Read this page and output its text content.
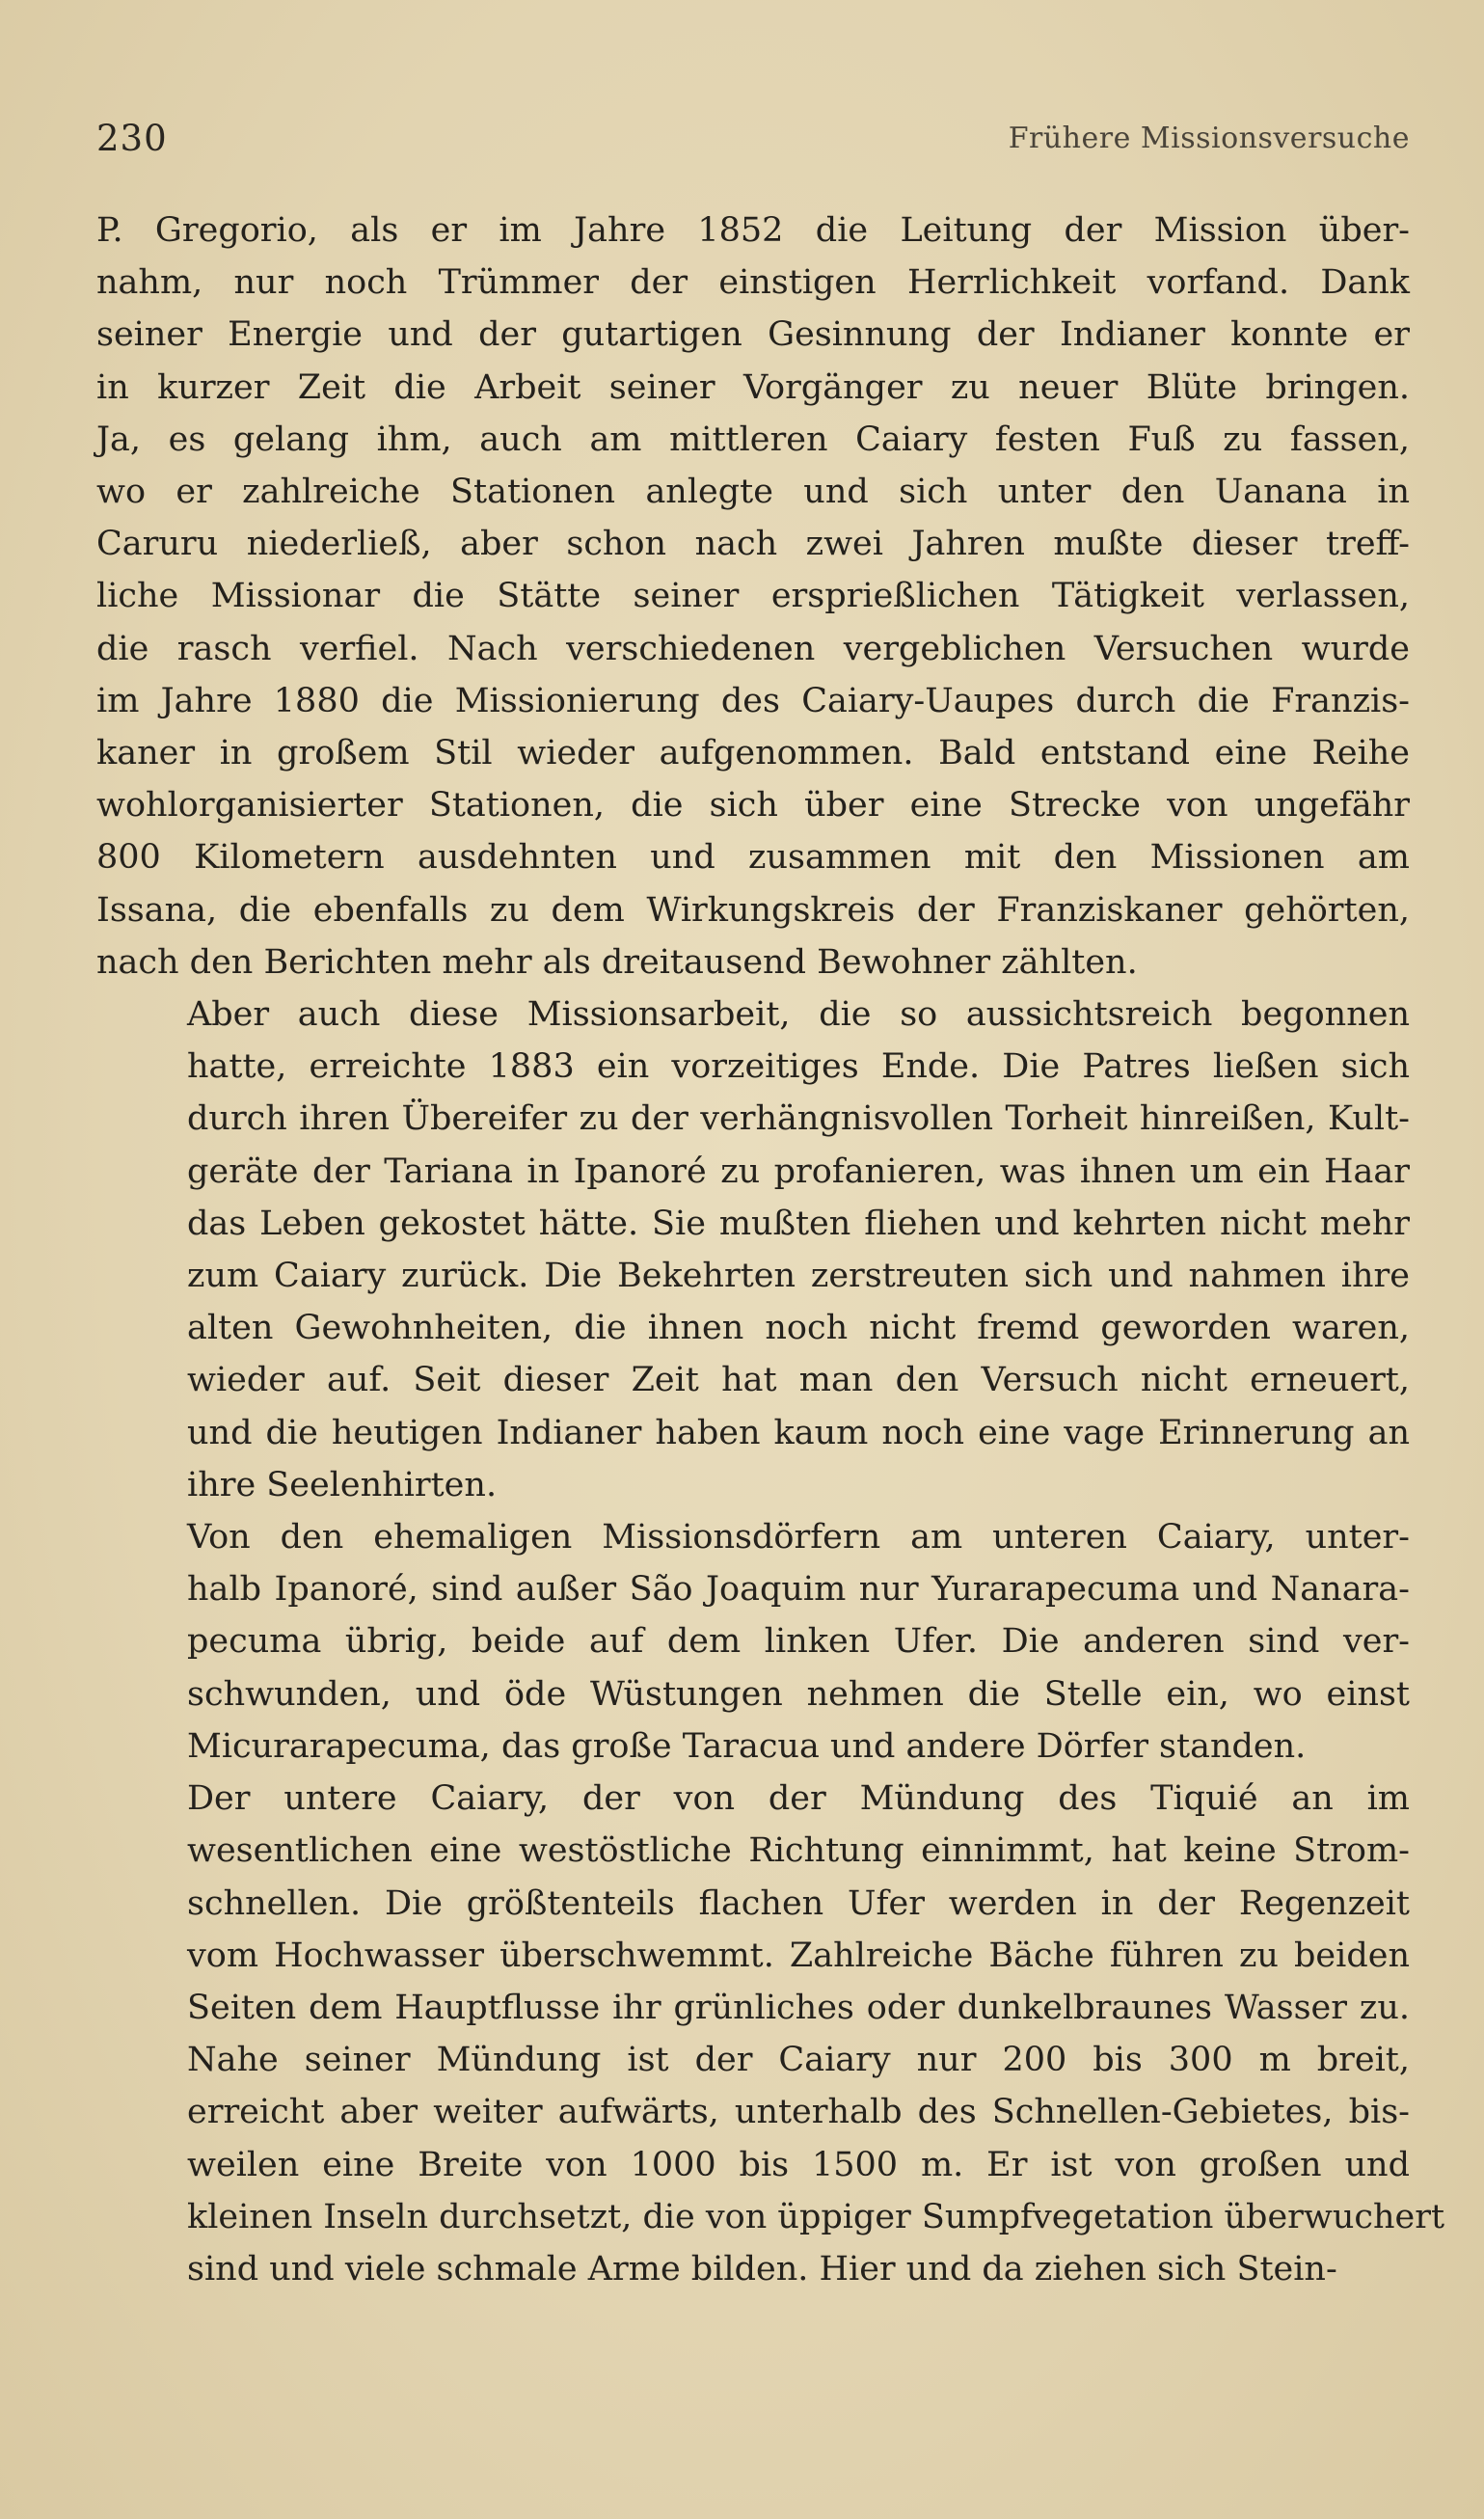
230	Frühere Missionsversuche
P. Gregorio, als er im Jahre 1852 die Leitung der Mission über-
nahm, nur noch Trümmer der einstigen Herrlichkeit vorfand. Dank
seiner Energie und der gutartigen Gesinnung der Indianer konnte er
in kurzer Zeit die Arbeit seiner Vorgänger zu neuer Blüte bringen.
Ja, es gelang ihm, auch am mittleren Caiary festen Fuß zu fassen,
wo er zahlreiche Stationen anlegte und sich unter den Uanana in
Caruru niederließ, aber schon nach zwei Jahren mußte dieser treff-
liche Missionar die Stätte seiner ersprießlichen Tätigkeit verlassen,
die rasch verfiel. Nach verschiedenen vergeblichen Versuchen wurde
im Jahre 1880 die Missionierung des Caiary-Uaupes durch die Franzis-
kaner in großem Stil wieder aufgenommen. Bald entstand eine Reihe
wohlorganisierter Stationen, die sich über eine Strecke von ungefähr
800 Kilometern ausdehnten und zusammen mit den Missionen am
Issana, die ebenfalls zu dem Wirkungskreis der Franziskaner gehörten,
nach den Berichten mehr als dreitausend Bewohner zählten.
Aber auch diese Missionsarbeit, die so aussichtsreich begonnen
hatte, erreichte 1883 ein vorzeitiges Ende. Die Patres ließen sich
durch ihren Übereifer zu der verhängnisvollen Torheit hinreißen, Kult-
geräte der Tariana in Ipanoré zu profanieren, was ihnen um ein Haar
das Leben gekostet hätte. Sie mußten fliehen und kehrten nicht mehr
zum Caiary zurück. Die Bekehrten zerstreuten sich und nahmen ihre
alten Gewohnheiten, die ihnen noch nicht fremd geworden waren,
wieder auf. Seit dieser Zeit hat man den Versuch nicht erneuert,
und die heutigen Indianer haben kaum noch eine vage Erinnerung an
ihre Seelenhirten.
Von den ehemaligen Missionsdörfern am unteren Caiary, unter-
halb Ipanoré, sind außer São Joaquim nur Yurarapecuma und Nanara-
pecuma übrig, beide auf dem linken Ufer. Die anderen sind ver-
schwunden, und öde Wüstungen nehmen die Stelle ein, wo einst
Micurarapecuma, das große Taracua und andere Dörfer standen.
Der untere Caiary, der von der Mündung des Tiquié an im
wesentlichen eine westöstliche Richtung einnimmt, hat keine Strom-
schnellen. Die größtenteils flachen Ufer werden in der Regenzeit
vom Hochwasser überschwemmt. Zahlreiche Bäche führen zu beiden
Seiten dem Hauptflusse ihr grünliches oder dunkelbraunes Wasser zu.
Nahe seiner Mündung ist der Caiary nur 200 bis 300 m breit,
erreicht aber weiter aufwärts, unterhalb des Schnellen-Gebietes, bis-
weilen eine Breite von 1000 bis 1500 m. Er ist von großen und
kleinen Inseln durchsetzt, die von üppiger Sumpfvegetation überwuchert
sind und viele schmale Arme bilden. Hier und da ziehen sich Stein-
